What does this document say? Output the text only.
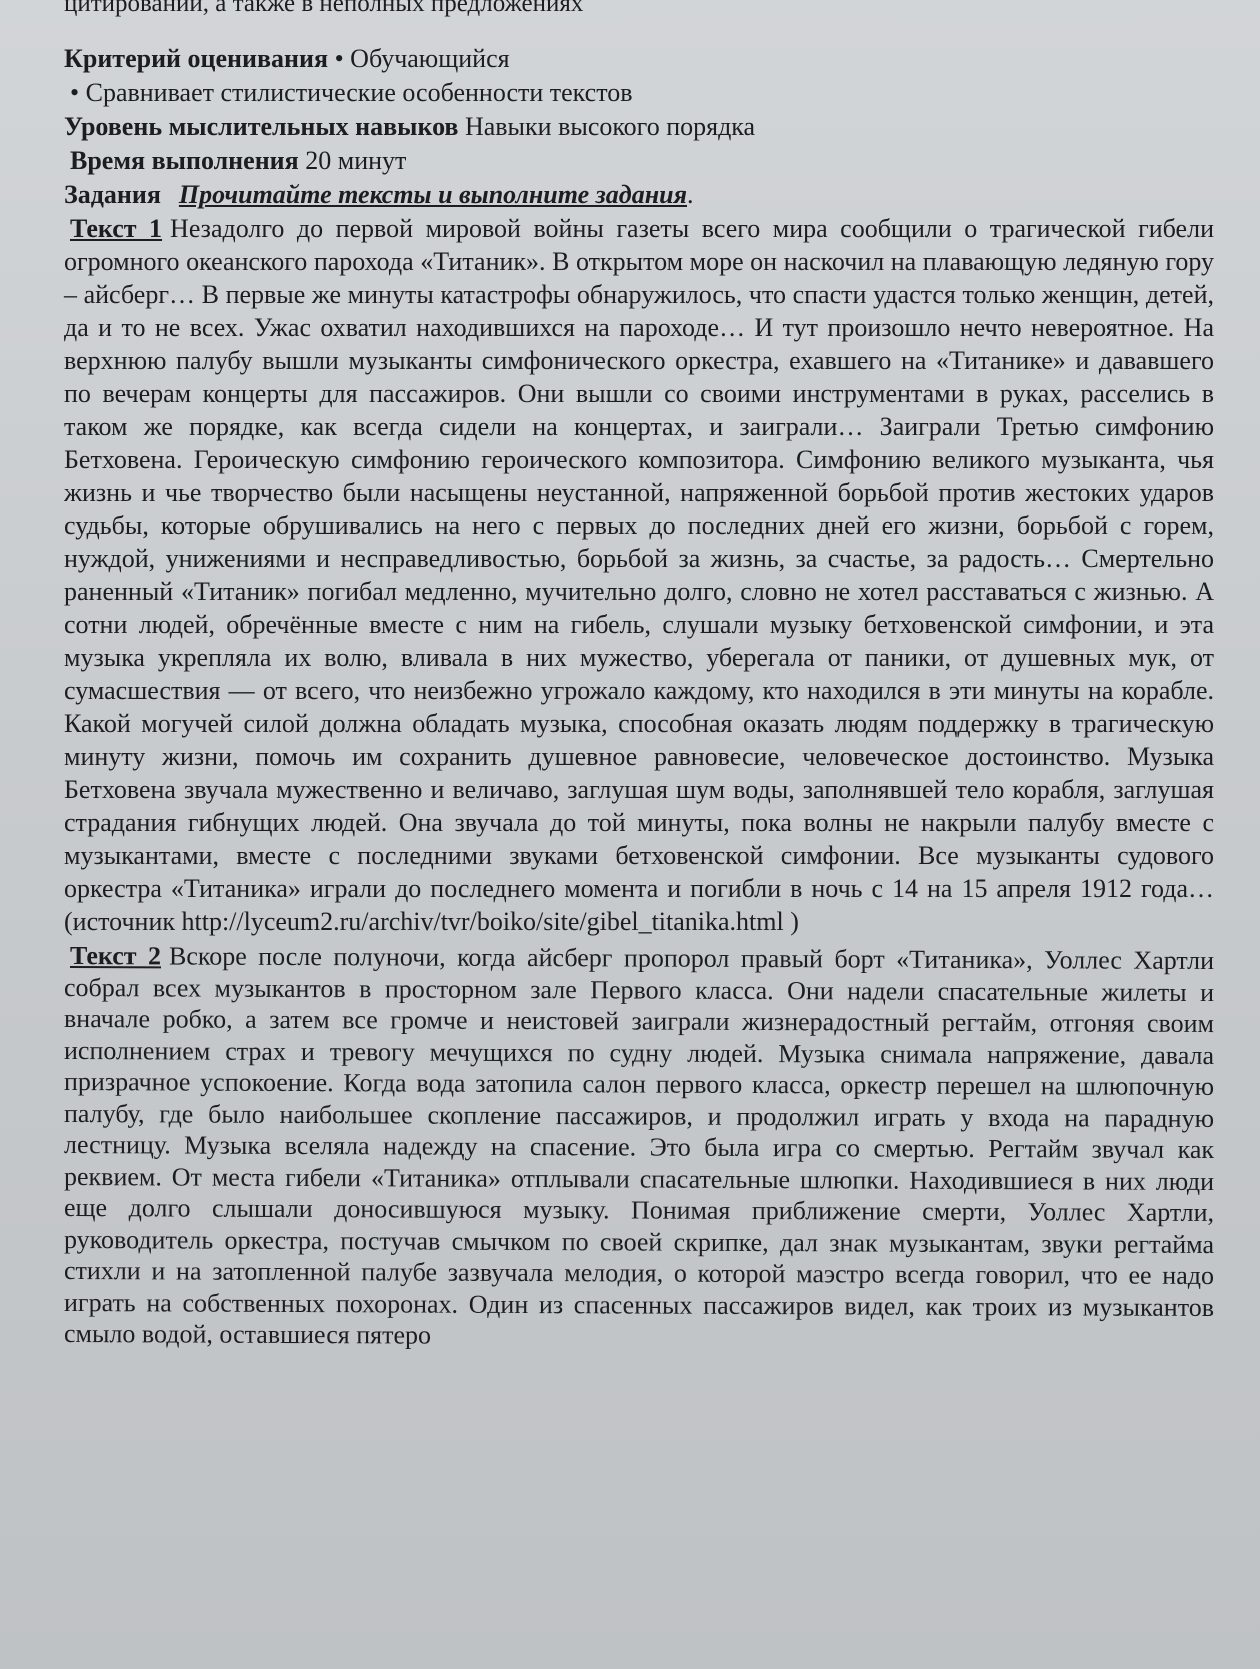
цитировании, а также в неполных предложениях

Критерий оценивания • Обучающийся

• Сравнивает стилистические особенности текстов

Уровень мыслительных навыков Навыки высокого порядка

Время выполнения 20 минут

Задания Прочитайте тексты и выполните задания.

Текст 1 Незадолго до первой мировой войны газеты всего мира сообщили о трагической гибели огромного океанского парохода «Титаник». В открытом море он наскочил на плавающую ледяную гору – айсберг… В первые же минуты катастрофы обнаружилось, что спасти удастся только женщин, детей, да и то не всех. Ужас охватил находившихся на пароходе… И тут произошло нечто невероятное. На верхнюю палубу вышли музыканты симфонического оркестра, ехавшего на «Титанике» и дававшего по вечерам концерты для пассажиров. Они вышли со своими инструментами в руках, расселись в таком же порядке, как всегда сидели на концертах, и заиграли… Заиграли Третью симфонию Бетховена. Героическую симфонию героического композитора. Симфонию великого музыканта, чья жизнь и чье творчество были насыщены неустанной, напряженной борьбой против жестоких ударов судьбы, которые обрушивались на него с первых до последних дней его жизни, борьбой с горем, нуждой, унижениями и несправедливостью, борьбой за жизнь, за счастье, за радость… Смертельно раненный «Титаник» погибал медленно, мучительно долго, словно не хотел расставаться с жизнью. А сотни людей, обречённые вместе с ним на гибель, слушали музыку бетховенской симфонии, и эта музыка укрепляла их волю, вливала в них мужество, уберегала от паники, от душевных мук, от сумасшествия — от всего, что неизбежно угрожало каждому, кто находился в эти минуты на корабле. Какой могучей силой должна обладать музыка, способная оказать людям поддержку в трагическую минуту жизни, помочь им сохранить душевное равновесие, человеческое достоинство. Музыка Бетховена звучала мужественно и величаво, заглушая шум воды, заполнявшей тело корабля, заглушая страдания гибнущих людей. Она звучала до той минуты, пока волны не накрыли палубу вместе с музыкантами, вместе с последними звуками бетховенской симфонии. Все музыканты судового оркестра «Титаника» играли до последнего момента и погибли в ночь с 14 на 15 апреля 1912 года… (источник http://lyceum2.ru/archiv/tvr/boiko/site/gibel_titanika.html )

Текст 2 Вскоре после полуночи, когда айсберг пропорол правый борт «Титаника», Уоллес Хартли собрал всех музыкантов в просторном зале Первого класса. Они надели спасательные жилеты и вначале робко, а затем все громче и неистовей заиграли жизнерадостный регтайм, отгоняя своим исполнением страх и тревогу мечущихся по судну людей. Музыка снимала напряжение, давала призрачное успокоение. Когда вода затопила салон первого класса, оркестр перешел на шлюпочную палубу, где было наибольшее скопление пассажиров, и продолжил играть у входа на парадную лестницу. Музыка вселяла надежду на спасение. Это была игра со смертью. Регтайм звучал как реквием. От места гибели «Титаника» отплывали спасательные шлюпки. Находившиеся в них люди еще долго слышали доносившуюся музыку. Понимая приближение смерти, Уоллес Хартли, руководитель оркестра, постучав смычком по своей скрипке, дал знак музыкантам, звуки регтайма стихли и на затопленной палубе зазвучала мелодия, о которой маэстро всегда говорил, что ее надо играть на собственных похоронах. Один из спасенных пассажиров видел, как троих из музыкантов смыло водой, оставшиеся пятеро
